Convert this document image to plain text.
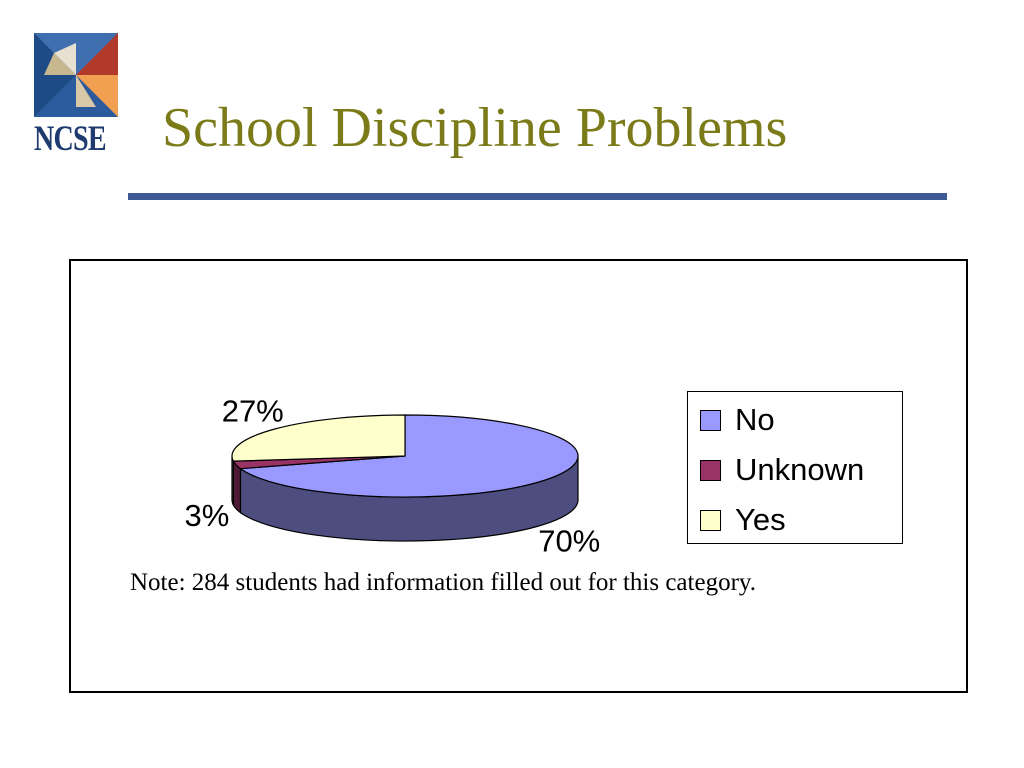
NCSE School Discipline Problems
70%
3%
27%	No
Unknown
Yes
Note: 284 students had information filled out for this category.
